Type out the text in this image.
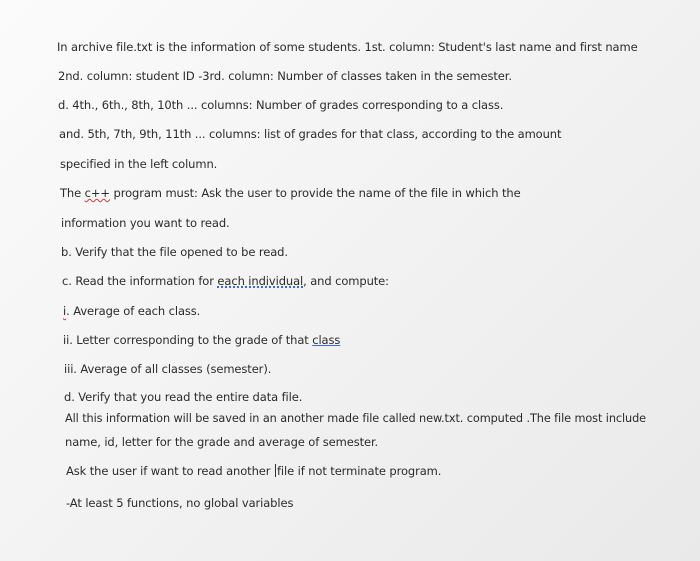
In archive file.txt is the information of some students. 1st. column: Student's last name and first name
2nd. column: student ID -3rd. column: Number of classes taken in the semester.
d. 4th., 6th., 8th, 10th ... columns: Number of grades corresponding to a class.
and. 5th, 7th, 9th, 11th ... columns: list of grades for that class, according to the amount
specified in the left column.
The c++ program must: Ask the user to provide the name of the file in which the
information you want to read.
b. Verify that the file opened to be read.
c. Read the information for each individual, and compute:
i. Average of each class.
ii. Letter corresponding to the grade of that class
iii. Average of all classes (semester).
d. Verify that you read the entire data file.
All this information will be saved in an another made file called new.txt. computed .The file most include
name, id, letter for the grade and average of semester.
Ask the user if want to read another file if not terminate program.
-At least 5 functions, no global variables
